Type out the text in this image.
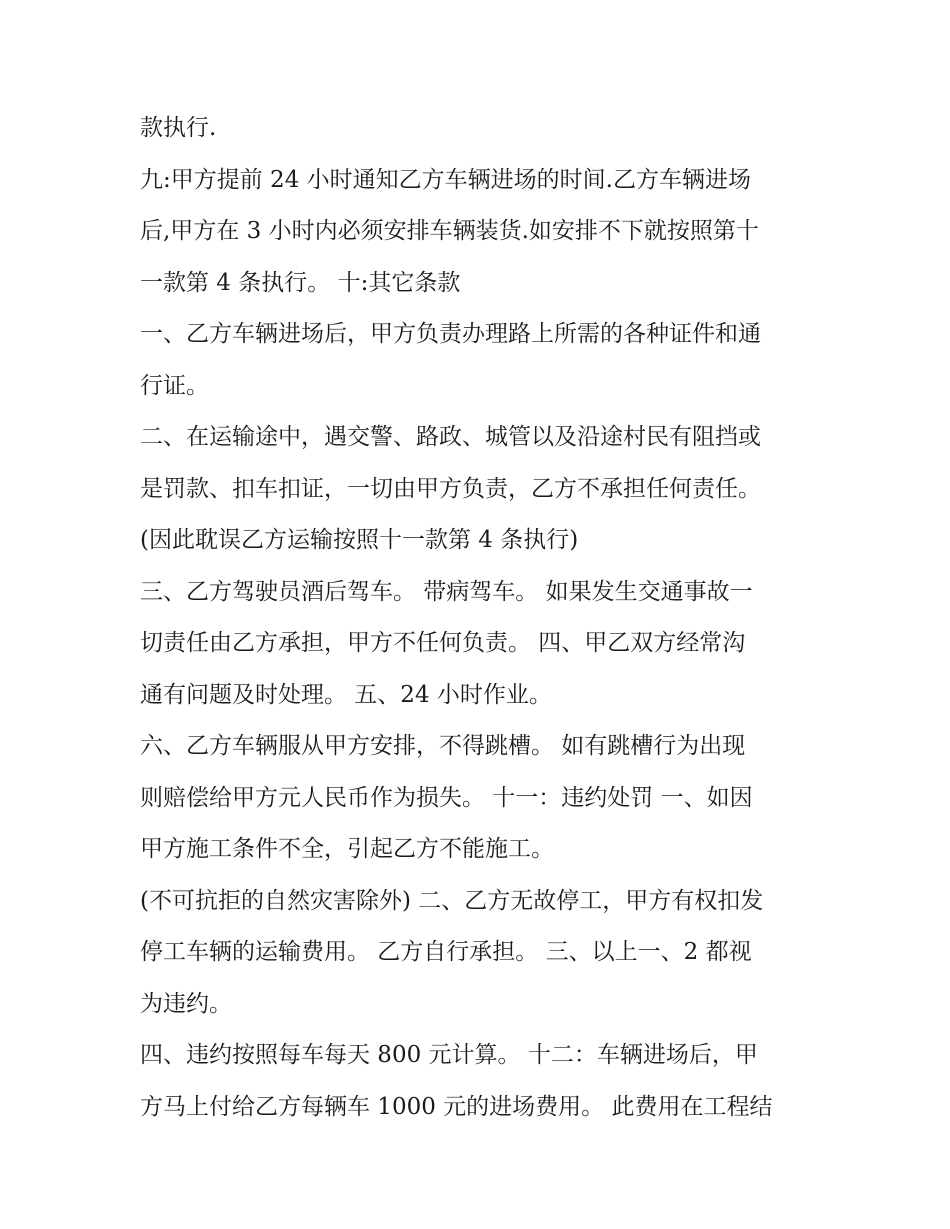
款执行.
九:甲方提前 24 小时通知乙方车辆进场的时间.乙方车辆进场
后,甲方在 3 小时内必须安排车辆装货.如安排不下就按照第十
一款第 4 条执行。 十:其它条款
一、乙方车辆进场后，甲方负责办理路上所需的各种证件和通
行证。
二、在运输途中，遇交警、路政、城管以及沿途村民有阻挡或
是罚款、扣车扣证，一切由甲方负责，乙方不承担任何责任。
(因此耽误乙方运输按照十一款第 4 条执行)
三、乙方驾驶员酒后驾车。 带病驾车。 如果发生交通事故一
切责任由乙方承担，甲方不任何负责。 四、甲乙双方经常沟
通有问题及时处理。 五、24 小时作业。
六、乙方车辆服从甲方安排，不得跳槽。 如有跳槽行为出现
则赔偿给甲方元人民币作为损失。 十一：违约处罚 一、如因
甲方施工条件不全，引起乙方不能施工。
(不可抗拒的自然灾害除外) 二、乙方无故停工，甲方有权扣发
停工车辆的运输费用。 乙方自行承担。 三、以上一、2 都视
为违约。
四、违约按照每车每天 800 元计算。 十二：车辆进场后，甲
方马上付给乙方每辆车 1000 元的进场费用。 此费用在工程结
